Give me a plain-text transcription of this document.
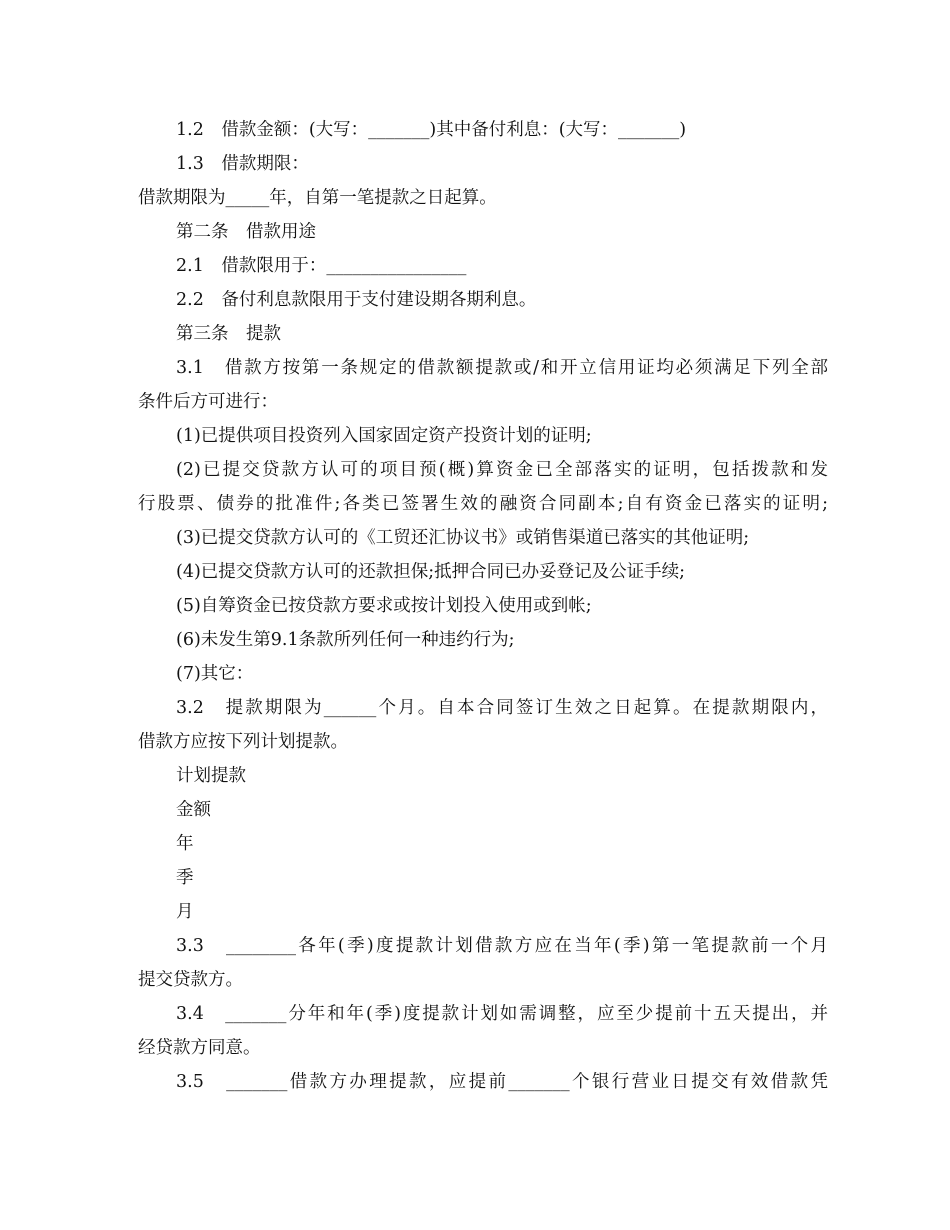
1.2　借款金额：(大写：_______)其中备付利息：(大写：_______)
1.3　借款期限：
借款期限为_____年，自第一笔提款之日起算。
第二条　借款用途
2.1　借款限用于：________________
2.2　备付利息款限用于支付建设期各期利息。
第三条　提款
3.1　借款方按第一条规定的借款额提款或/和开立信用证均必须满足下列全部
条件后方可进行：
(1)已提供项目投资列入国家固定资产投资计划的证明;
(2)已提交贷款方认可的项目预(概)算资金已全部落实的证明，包括拨款和发
行股票、债券的批准件;各类已签署生效的融资合同副本;自有资金已落实的证明;
(3)已提交贷款方认可的《工贸还汇协议书》或销售渠道已落实的其他证明;
(4)已提交贷款方认可的还款担保;抵押合同已办妥登记及公证手续;
(5)自筹资金已按贷款方要求或按计划投入使用或到帐;
(6)未发生第9.1条款所列任何一种违约行为;
(7)其它：
3.2　提款期限为______个月。自本合同签订生效之日起算。在提款期限内，
借款方应按下列计划提款。
计划提款
金额
年
季
月
3.3　________各年(季)度提款计划借款方应在当年(季)第一笔提款前一个月
提交贷款方。
3.4　_______分年和年(季)度提款计划如需调整，应至少提前十五天提出，并
经贷款方同意。
3.5　_______借款方办理提款，应提前_______个银行营业日提交有效借款凭
